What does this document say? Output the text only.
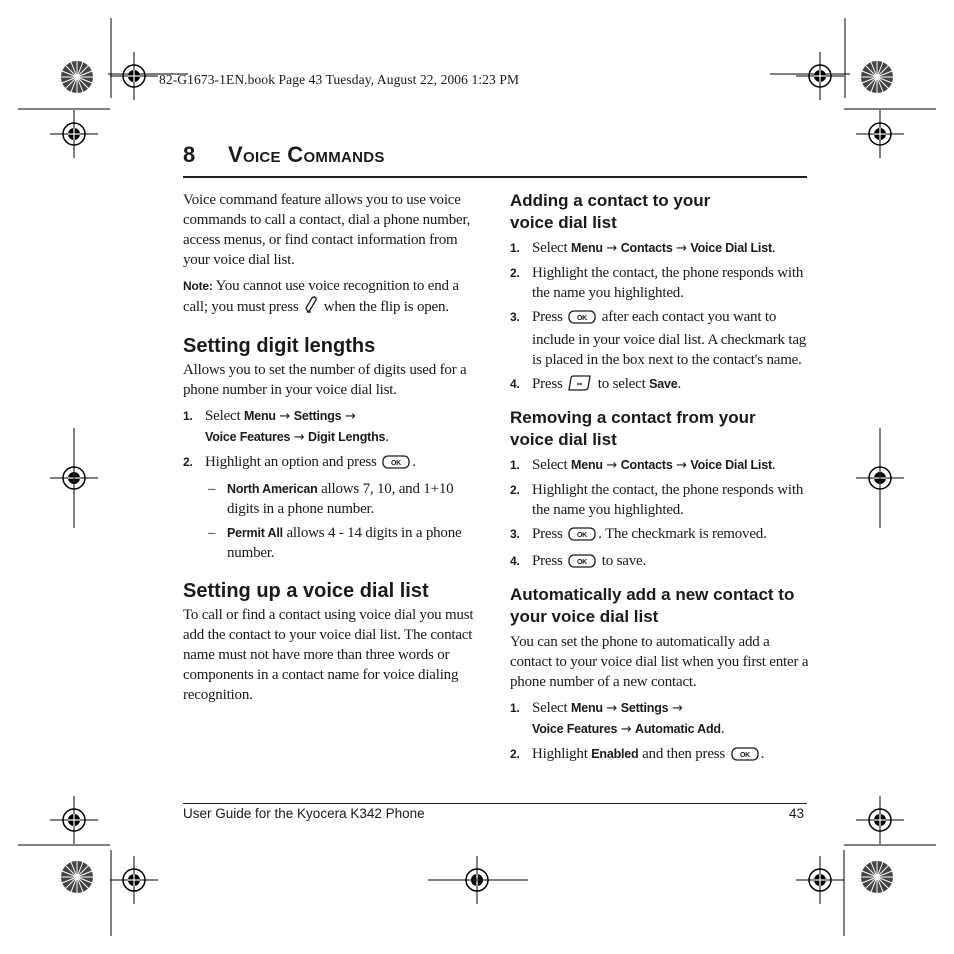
82-G1673-1EN.book Page 43 Tuesday, August 22, 2006 1:23 PM
8 Voice Commands

Voice command feature allows you to use voice commands to call a contact, dial a phone number, access menus, or find contact information from your voice dial list.

Note: You cannot use voice recognition to end a call; you must press when the flip is open.

Setting digit lengths

Allows you to set the number of digits used for a phone number in your voice dial list.

1. Select Menu → Settings →
Voice Features → Digit Lengths.
2. Highlight an option and press OK .
– North American allows 7, 10, and 1+10 digits in a phone number.
– Permit All allows 4 - 14 digits in a phone number.
Setting up a voice dial list

To call or find a contact using voice dial you must add the contact to your voice dial list. The contact name must not have more than three words or components in a contact name for voice dialing recognition.

Adding a contact to your voice dial list
1. Select Menu → Contacts → Voice Dial List.
2. Highlight the contact, the phone responds with the name you highlighted.
3. Press OK after each contact you want to include in your voice dial list. A checkmark tag is placed in the box next to the contact's name.
4. Press to select Save.
Removing a contact from your voice dial list
1. Select Menu → Contacts → Voice Dial List.
2. Highlight the contact, the phone responds with the name you highlighted.
3. Press OK . The checkmark is removed.
4. Press OK to save.
Automatically add a new contact to your voice dial list

You can set the phone to automatically add a contact to your voice dial list when you first enter a phone number of a new contact.

1. Select Menu → Settings →
Voice Features → Automatic Add.
2. Highlight Enabled and then press OK .
User Guide for the Kyocera K342 Phone	43
